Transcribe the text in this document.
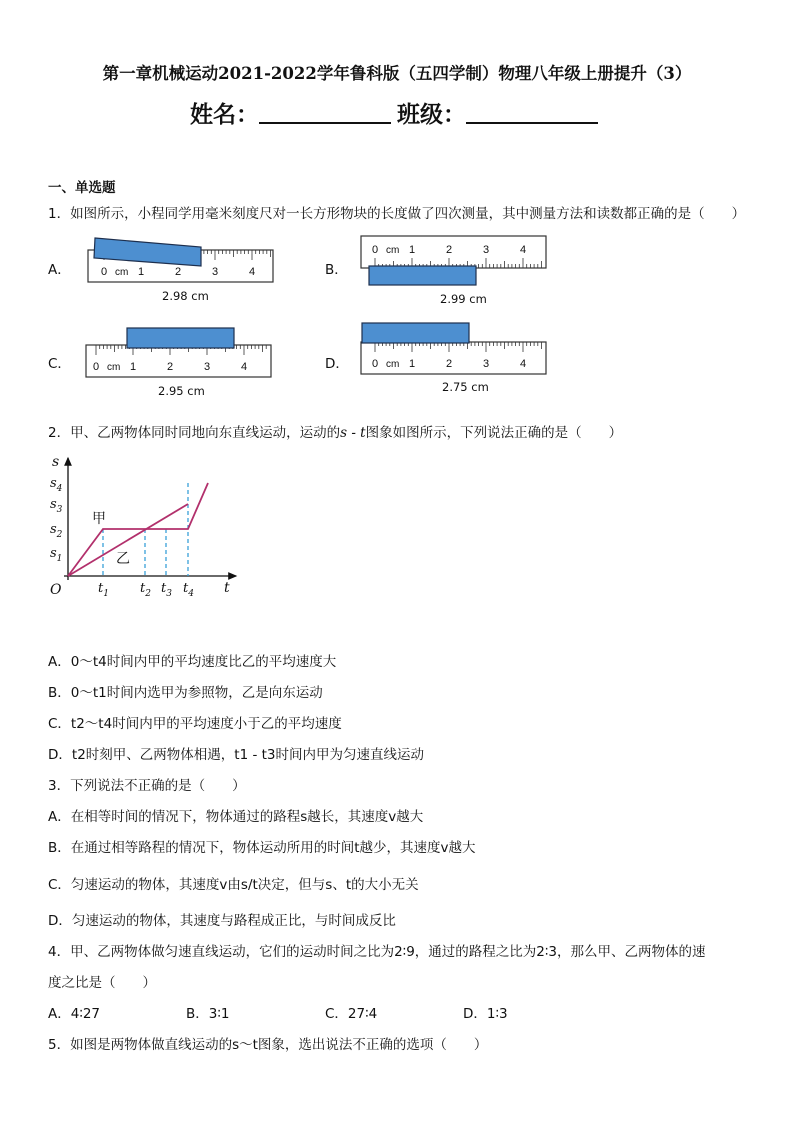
第一章机械运动2021-2022学年鲁科版（五四学制）物理八年级上册提升（3）
姓名：	班级：
一、单选题
1．如图所示，小程同学用毫米刻度尺对一长方形物块的长度做了四次测量，其中测量方法和读数都正确的是（　　）
A．	B．
C．	D．
0	1	2	3	4
cm
2.98 cm
0	1	2	3	4
cm
2.99 cm
0	1	2	3	4
cm
2.95 cm
0	1	2	3	4
cm
2.75 cm
2．甲、乙两物体同时同地向东直线运动，运动的s - t图象如图所示，下列说法正确的是（　　）
s
t
O
$s_4$
$s_3$
$s_2$
$s_1$
$t_1$ $t_2$ $t_3$ $t_4$
甲
乙
A．0～t4时间内甲的平均速度比乙的平均速度大
B．0～t1时间内选甲为参照物，乙是向东运动
C．t2～t4时间内甲的平均速度小于乙的平均速度
D．t2时刻甲、乙两物体相遇，t1 - t3时间内甲为匀速直线运动
3．下列说法不正确的是（　　）
A．在相等时间的情况下，物体通过的路程s越长，其速度v越大
B．在通过相等路程的情况下，物体运动所用的时间t越少，其速度v越大
C．匀速运动的物体，其速度v由s/t决定，但与s、t的大小无关
D．匀速运动的物体，其速度与路程成正比，与时间成反比
4．甲、乙两物体做匀速直线运动，它们的运动时间之比为2∶9，通过的路程之比为2∶3，那么甲、乙两物体的速
度之比是（　　）
A．4∶27	B．3∶1	C．27∶4	D．1∶3
5．如图是两物体做直线运动的s～t图象，选出说法不正确的选项（　　）
